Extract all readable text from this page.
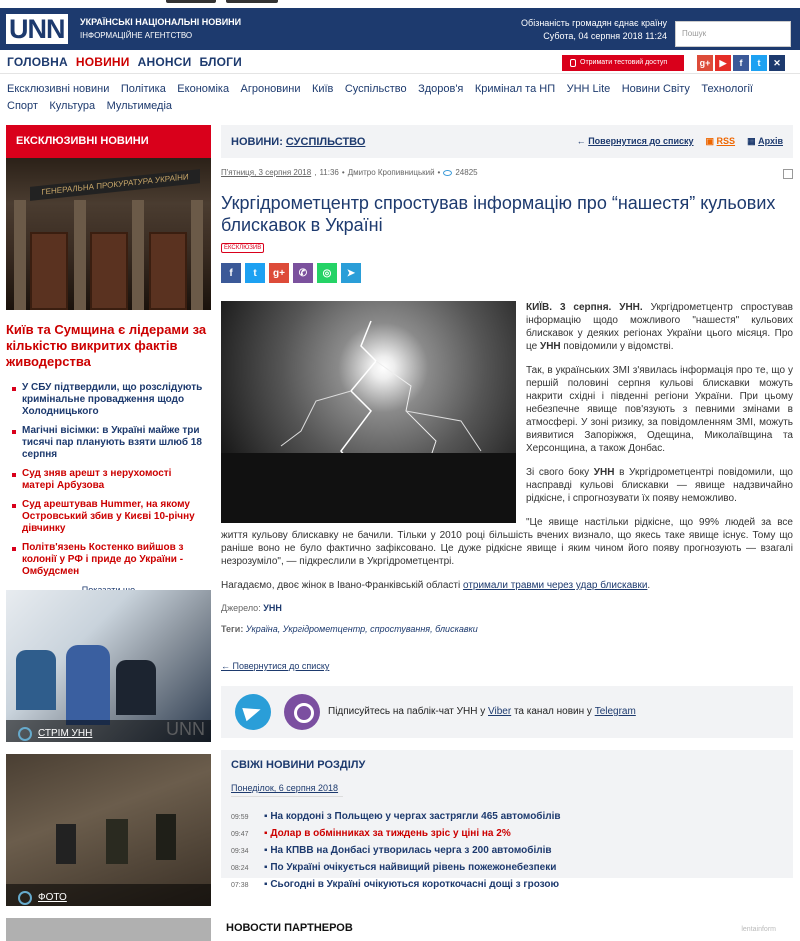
UNN	УКРАЇНСЬКІ НАЦІОНАЛЬНІ НОВИНИ
ІНФОРМАЦІЙНЕ АГЕНТСТВО
Обізнаність громадян єднає країну
Субота, 04 серпня 2018 11:24	Пошук
ГОЛОВНА НОВИНИ АНОНСИ БЛОГИ	Отримати тестовий доступ	g+	▶	f	t	✕
Ексклюзивні новини Політика Економіка Агроновини Київ Суспільство Здоров'я Кримінал та НП УНН Lite Новини Світу Технології Спорт Культура Мультимедіа
ЕКСКЛЮЗИВНІ НОВИНИ
ГЕНЕРАЛЬНА ПРОКУРАТУРА УКРАЇНИ
Київ та Сумщина є лідерами за кількістю викритих фактів живодерства
У СБУ підтвердили, що розслідують кримінальне провадження щодо Холодницького
Магічні вісімки: в Україні майже три тисячі пар планують взяти шлюб 18 серпня
Суд зняв арешт з нерухомості матері Арбузова
Суд арештував Hummer, на якому Островський збив у Києві 10-річну дівчинку
Політв'язень Костенко вийшов з колонії у РФ і приде до України - Омбудсмен
СТРІМ УНН
ФОТО
НОВИНИ: СУСПІЛЬСТВО	← Повернутися до списку ▣ RSS ▦ Архів
П'ятниця, 3 серпня 2018 , 11:36 • Дмитро Кропивницький • 24825
Укргідрометцентр спростував інформацію про “нашестя” кульових блискавок в Україні
ЕКСКЛЮЗИВ
f	t	g+	✆	◎	➤

КИЇВ. 3 серпня. УНН. Укргідрометцентр спростував інформацію щодо можливого "нашестя" кульових блискавок у деяких регіонах України цього місяця. Про це УНН повідомили у відомстві.

Так, в українських ЗМІ з'явилась інформація про те, що у першій половині серпня кульові блискавки можуть накрити східні і південні регіони України. При цьому небезпечне явище пов'язують з певними змінами в атмосфері. У зоні ризику, за повідомленням ЗМІ, можуть виявитися Запоріжжя, Одещина, Миколаївщина та Херсонщина, а також Донбас.

Зі свого боку УНН в Укргідрометцентрі повідомили, що насправді кульові блискавки — явище надзвичайно рідкісне, і спрогнозувати їх появу неможливо.

"Це явище настільки рідкісне, що 99% людей за все життя кульову блискавку не бачили. Тільки у 2010 році більшість вчених визнало, що якесь таке явище існує. Тому що раніше воно не було фактично зафіксовано. Це дуже рідкісне явище і яким чином його появу прогнозують — взагалі незрозуміло", — підкреслили в Укргідрометцентрі.

Нагадаємо, двоє жінок в Івано-Франківській області отримали травми через удар блискавки.

Джерело: УНН
Теги: Україна, Укргідрометцентр, спростування, блискавки
← Повернутися до списку
Підписуйтесь на паблік-чат УНН у Viber та канал новин у Telegram
СВІЖІ НОВИНИ РОЗДІЛУ
Понеділок, 6 серпня 2018
09:59 ▪ На кордоні з Польщею у чергах застрягли 465 автомобілів
09:47 ▪ Долар в обмінниках за тиждень зріс у ціні на 2%
09:34 ▪ На КПВВ на Донбасі утворилась черга з 200 автомобілів
08:24 ▪ По Україні очікується найвищий рівень пожежонебезпеки
07:38 ▪ Сьогодні в Україні очікуються короткочасні дощі з грозою
lentainform
НОВОСТИ ПАРТНЕРОВ
